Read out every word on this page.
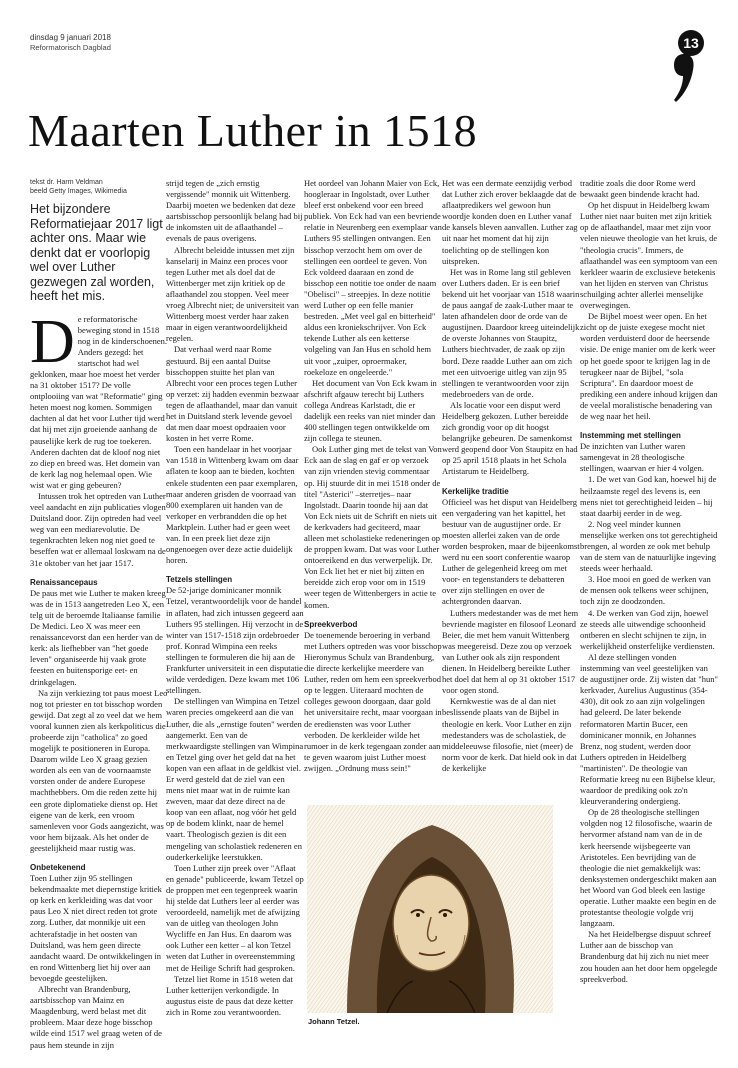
dinsdag 9 januari 2018
Reformatorisch Dagblad	13
Maarten Luther in 1518
tekst dr. Harm Veldman
beeld Getty Images, Wikimedia
Het bijzondere Reformatiejaar 2017 ligt achter ons. Maar wie denkt dat er voorlopig wel over Luther gezwegen zal worden, heeft het mis.
D e reformatorische beweging stond in 1518 nog in de kinderschoenen. Anders gezegd: het startschot had wel geklonken, maar hoe moest het verder na 31 oktober 1517? De volle ontplooiing van wat "Reformatie" ging heten moest nog komen. Sommigen dachten al dat het voor Luther tijd werd dat hij met zijn groeiende aanhang de pauselijke kerk de rug toe toekeren. Anderen dachten dat de kloof nog niet zo diep en breed was. Het domein van de kerk lag nog helemaal open. Wie wist wat er ging gebeuren?

Intussen trok het optreden van Luther veel aandacht en zijn publicaties vlogen Duitsland door. Zijn optreden had veel weg van een mediarevolutie. De tegenkrachten leken nog niet goed te beseffen wat er allemaal loskwam na de 31e oktober van het jaar 1517.

Renaissancepaus

De paus met wie Luther te maken kreeg was de in 1513 aangetreden Leo X, een telg uit de beroemde Italiaanse familie De Medici. Leo X was meer een renaissancevorst dan een herder van de kerk: als liefhebber van "het goede leven" organiseerde hij vaak grote feesten en buitensporige eet- en drinkgelagen.

Na zijn verkiezing tot paus moest Leo nog tot priester en tot bisschop worden gewijd. Dat zegt al zo veel dat we hem vooral kunnen zien als kerkpoliticus die probeerde zijn "catholica" zo goed mogelijk te positioneren in Europa. Daarom wilde Leo X graag gezien worden als een van de voornaamste vorsten onder de andere Europese machthebbers. Om die reden zette hij een grote diplomatieke dienst op. Het eigene van de kerk, een vroom samenleven voor Gods aangezicht, was voor hem bijzaak. Als het onder de geestelijkheid maar rustig was.

Onbetekenend

Toen Luther zijn 95 stellingen bekendmaakte met diepernstige kritiek op kerk en kerkleiding was dat voor paus Leo X niet direct reden tot grote zorg. Luther, dat monnikje uit een achterafstadje in het oosten van Duitsland, was hem geen directe aandacht waard. De ontwikkelingen in en rond Wittenberg liet hij over aan bevoegde geestelijken.

Albrecht van Brandenburg, aartsbisschop van Mainz en Maagdenburg, werd belast met dit probleem. Maar deze hoge bisschop wilde eind 1517 wel graag weten of de paus hem steunde in zijn

strijd tegen de „zich ernstig vergissende" monnik uit Wittenberg. Daarbij moeten we bedenken dat deze aartsbisschop persoonlijk belang had bij de inkomsten uit de aflaathandel – evenals de paus overigens.

Albrecht beleidde intussen met zijn kanselarij in Mainz een proces voor tegen Luther met als doel dat de Wittenberger met zijn kritiek op de aflaathandel zou stoppen. Veel meer vroeg Albrecht niet; de universiteit van Wittenberg moest verder haar zaken maar in eigen verantwoordelijkheid regelen.

Dat verhaal werd naar Rome gestuurd. Bij een aantal Duitse bisschoppen stuitte het plan van Albrecht voor een proces tegen Luther op verzet: zij hadden evenmin bezwaar tegen de aflaathandel, maar dan vanuit het in Duitsland sterk levende gevoel dat men daar moest opdraaien voor kosten in het verre Rome.

Toen een handelaar in het voorjaar van 1518 in Wittenberg kwam om daar aflaten te koop aan te bieden, kochten enkele studenten een paar exemplaren, maar anderen grisden de voorraad van 800 exemplaren uit handen van de verkoper en verbrandden die op het Marktplein. Luther had er geen weet van. In een preek liet deze zijn ongenoegen over deze actie duidelijk horen.

Tetzels stellingen

De 52-jarige dominicaner monnik Tetzel, verantwoordelijk voor de handel in aflaten, had zich intussen gegeerd aan Luthers 95 stellingen. Hij verzocht in de winter van 1517-1518 zijn ordebroeder prof. Konrad Wimpina een reeks stellingen te formuleren die hij aan de Frankfurter universiteit in een disputatie wilde verdedigen. Deze kwam met 106 stellingen.

De stellingen van Wimpina en Tetzel waren precies omgekeerd aan die van Luther, die als „ernstige fouten" werden aangemerkt. Een van de merkwaardigste stellingen van Wimpina en Tetzel ging over het geld dat na het kopen van een aflaat in de geldkist viel. Er werd gesteld dat de ziel van een mens niet maar wat in de ruimte kan zweven, maar dat deze direct na de koop van een aflaat, nog vóór het geld op de bodem klinkt, naar de hemel vaart. Theologisch gezien is dit een mengeling van scholastiek redeneren en ouderkerkelijke leerstukken.

Toen Luther zijn preek over "Aflaat en genade" publiceerde, kwam Tetzel op de proppen met een tegenpreek waarin hij stelde dat Luthers leer al eerder was veroordeeld, namelijk met de afwijzing van de uitleg van theologen John Wycliffe en Jan Hus. En daarom was ook Luther een ketter – al kon Tetzel weten dat Luther in overeenstemming met de Heilige Schrift had gesproken.

Tetzel liet Rome in 1518 weten dat Luther ketterijen verkondigde. In augustus eiste de paus dat deze ketter zich in Rome zou verantwoorden.

Het oordeel van Johann Maier von Eck, hoogleraar in Ingolstadt, over Luther bleef erst onbekend voor een breed publiek. Von Eck had van een bevriende relatie in Neurenberg een exemplaar van Luthers 95 stellingen ontvangen. Een bisschop verzocht hem om over de stellingen een oordeel te geven. Von Eck voldeed daaraan en zond de bisschop een notitie toe onder de naam "Obelisci" – streepjes. In deze notitie werd Luther op een felle manier bestreden. „Met veel gal en bitterheid" aldus een kroniekschrijver. Von Eck tekende Luther als een ketterse volgeling van Jan Hus en schold hem uit voor „zuiper, oproermaker, roekeloze en ongeleerde."

Het document van Von Eck kwam in afschrift afgauw terecht bij Luthers collega Andreas Karlstadt, die er dadelijk een reeks van niet minder dan 400 stellingen tegen ontwikkelde om zijn collega te steunen.

Ook Luther ging met de tekst van Von Eck aan de slag en gaf er op verzoek van zijn vrienden stevig commentaar op. Hij stuurde dit in mei 1518 onder de titel "Asterici" –sterretjes– naar Ingolstadt. Daarin toonde hij aan dat Von Eck niets uit de Schrift en niets uit de kerkvaders had geciteerd, maar alleen met scholastieke redeneringen op de proppen kwam. Dat was voor Luther ontoereikend en dus verwerpelijk. Dr. Von Eck liet het er niet bij zitten en bereidde zich erop voor om in 1519 weer tegen de Wittenbergers in actie te komen.

Spreekverbod

De toenemende beroering in verband met Luthers optreden was voor bisschop Hieronymus Schulz van Brandenburg, die directe kerkelijke meerdere van Luther, reden om hem een spreekverbod op te leggen. Uiteraard mochten de colleges gewoon doorgaan, daar gold het universitaire recht, maar voorgaan in de erediensten was voor Luther verboden. De kerkleider wilde het rumoer in de kerk tegengaan zonder aan te geven waarom juist Luther moest zwijgen. „Ordnung muss sein!"

Het was een dermate eenzijdig verbod dat Luther zich erover beklaagde dat de aflaatpredikers wel gewoon hun woordje konden doen en Luther vanaf de kansels bleven aanvallen. Luther zag uit naar het moment dat hij zijn toelichting op de stellingen kon uitspreken.

Het was in Rome lang stil gebleven over Luthers daden. Er is een brief bekend uit het voorjaar van 1518 waarin de paus aangaf de zaak-Luther maar te laten afhandelen door de orde van de augustijnen. Daardoor kreeg uiteindelijk de overste Johannes von Staupitz, Luthers biechtvader, de zaak op zijn bord. Deze raadde Luther aan om zich met een uitvoerige uitleg van zijn 95 stellingen te verantwoorden voor zijn medebroeders van de orde.

Als locatie voor een disput werd Heidelberg gekozen. Luther bereidde zich grondig voor op dit hoogst belangrijke gebeuren. De samenkomst werd geopend door Von Staupitz en had op 25 april 1518 plaats in het Schola Artistarum te Heidelberg.

Kerkelijke traditie

Officieel was het disput van Heidelberg een vergadering van het kapittel, het bestuur van de augustijner orde. Er moesten allerlei zaken van de orde worden besproken, maar de bijeenkomst werd nu een soort conferentie waarop Luther de gelegenheid kreeg om met voor- en tegenstanders te debatteren over zijn stellingen en over de achtergronden daarvan.

Luthers medestander was de met hem bevriende magister en filosoof Leonard Beier, die met hem vanuit Wittenberg was meegereisd. Deze zou op verzoek van Luther ook als zijn respondent dienen. In Heidelberg bereikte Luther het doel dat hem al op 31 oktober 1517 voor ogen stond.

Kernkwestie was de al dan niet beslissende plaats van de Bijbel in theologie en kerk. Voor Luther en zijn medestanders was de scholastiek, de middeleeuwse filosofie, niet (meer) de norm voor de kerk. Dat hield ook in dat de kerkelijke

traditie zoals die door Rome werd bewaakt geen bindende kracht had.

Op het dispuut in Heidelberg kwam Luther niet naar buiten met zijn kritiek op de aflaathandel, maar met zijn voor velen nieuwe theologie van het kruis, de "theologia crucis". Immers, de aflaathandel was een symptoom van een kerkleer waarin de exclusieve betekenis van het lijden en sterven van Christus schuilging achter allerlei menselijke overwegingen.

De Bijbel moest weer open. En het zicht op de juiste exegese mocht niet worden verduisterd door de heersende visie. De enige manier om de kerk weer op het goede spoor te krijgen lag in de terugkeer naar de Bijbel, "sola Scriptura". En daardoor moest de prediking een andere inhoud krijgen dan de veelal moralistische benadering van de weg naar het heil.

Instemming met stellingen

De inzichten van Luther waren samengevat in 28 theologische stellingen, waarvan er hier 4 volgen.

1. De wet van God kan, hoewel hij de heilzaamste regel des levens is, een mens niet tot gerechtigheid leiden – hij staat daarbij eerder in de weg.

2. Nog veel minder kunnen menselijke werken ons tot gerechtigheid brengen, al worden ze ook met behulp van de stem van de natuurlijke ingeving steeds weer herhaald.

3. Hoe mooi en goed de werken van de mensen ook telkens weer schijnen, toch zijn ze doodzonden.

4. De werken van God zijn, hoewel ze steeds alle uitwendige schoonheid ontberen en slecht schijnen te zijn, in werkelijkheid onsterfelijke verdiensten.

Al deze stellingen vonden instemming van veel geestelijken van de augustijner orde. Zij wisten dat "hun" kerkvader, Aurelius Augustinus (354-430), dit ook zo aan zijn volgelingen had geleerd. De later bekende reformatoren Martin Bucer, een dominicaner monnik, en Johannes Brenz, nog student, werden door Luthers optreden in Heidelberg "martinisten". De theologie van Reformatie kreeg nu een Bijbelse kleur, waardoor de prediking ook zo'n kleurverandering ondergieng.

Op de 28 theologische stellingen volgden nog 12 filosofische, waarin de hervormer afstand nam van de in de kerk heersende wijsbegeerte van Aristoteles. Een bevrijding van de theologie die niet gemakkelijk was: denksystemen ondergeschikt maken aan het Woord van God bleek een lastige operatie. Luther maakte een begin en de protestantse theologie volgde vrij langzaam.

Na het Heidelbergse dispuut schreef Luther aan de bisschop van Brandenburg dat hij zich nu niet meer zou houden aan het door hem opgelegde spreekverbod.

Johann Tetzel.
